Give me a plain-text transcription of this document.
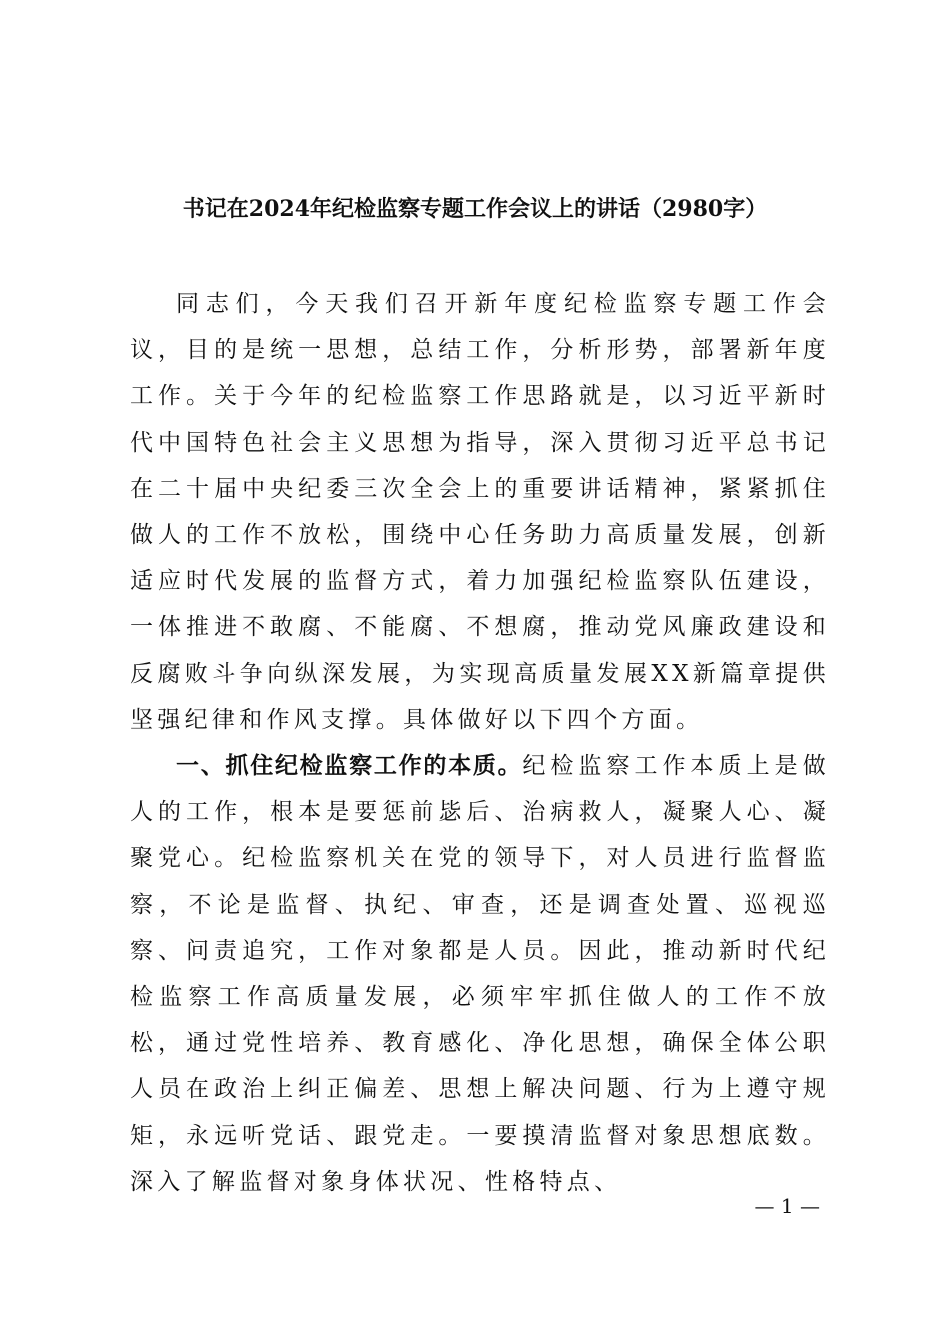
书记在2024年纪检监察专题工作会议上的讲话（2980字）

同志们，今天我们召开新年度纪检监察专题工作会议，目的是统一思想，总结工作，分析形势，部署新年度工作。关于今年的纪检监察工作思路就是，以习近平新时代中国特色社会主义思想为指导，深入贯彻习近平总书记在二十届中央纪委三次全会上的重要讲话精神，紧紧抓住做人的工作不放松，围绕中心任务助力高质量发展，创新适应时代发展的监督方式，着力加强纪检监察队伍建设，一体推进不敢腐、不能腐、不想腐，推动党风廉政建设和反腐败斗争向纵深发展，为实现高质量发展XX新篇章提供坚强纪律和作风支撑。具体做好以下四个方面。

一、抓住纪检监察工作的本质。纪检监察工作本质上是做人的工作，根本是要惩前毖后、治病救人，凝聚人心、凝聚党心。纪检监察机关在党的领导下，对人员进行监督监察，不论是监督、执纪、审查，还是调查处置、巡视巡察、问责追究，工作对象都是人员。因此，推动新时代纪检监察工作高质量发展，必须牢牢抓住做人的工作不放松，通过党性培养、教育感化、净化思想，确保全体公职人员在政治上纠正偏差、思想上解决问题、行为上遵守规矩，永远听党话、跟党走。一要摸清监督对象思想底数。深入了解监督对象身体状况、性格特点、

— 1 —
